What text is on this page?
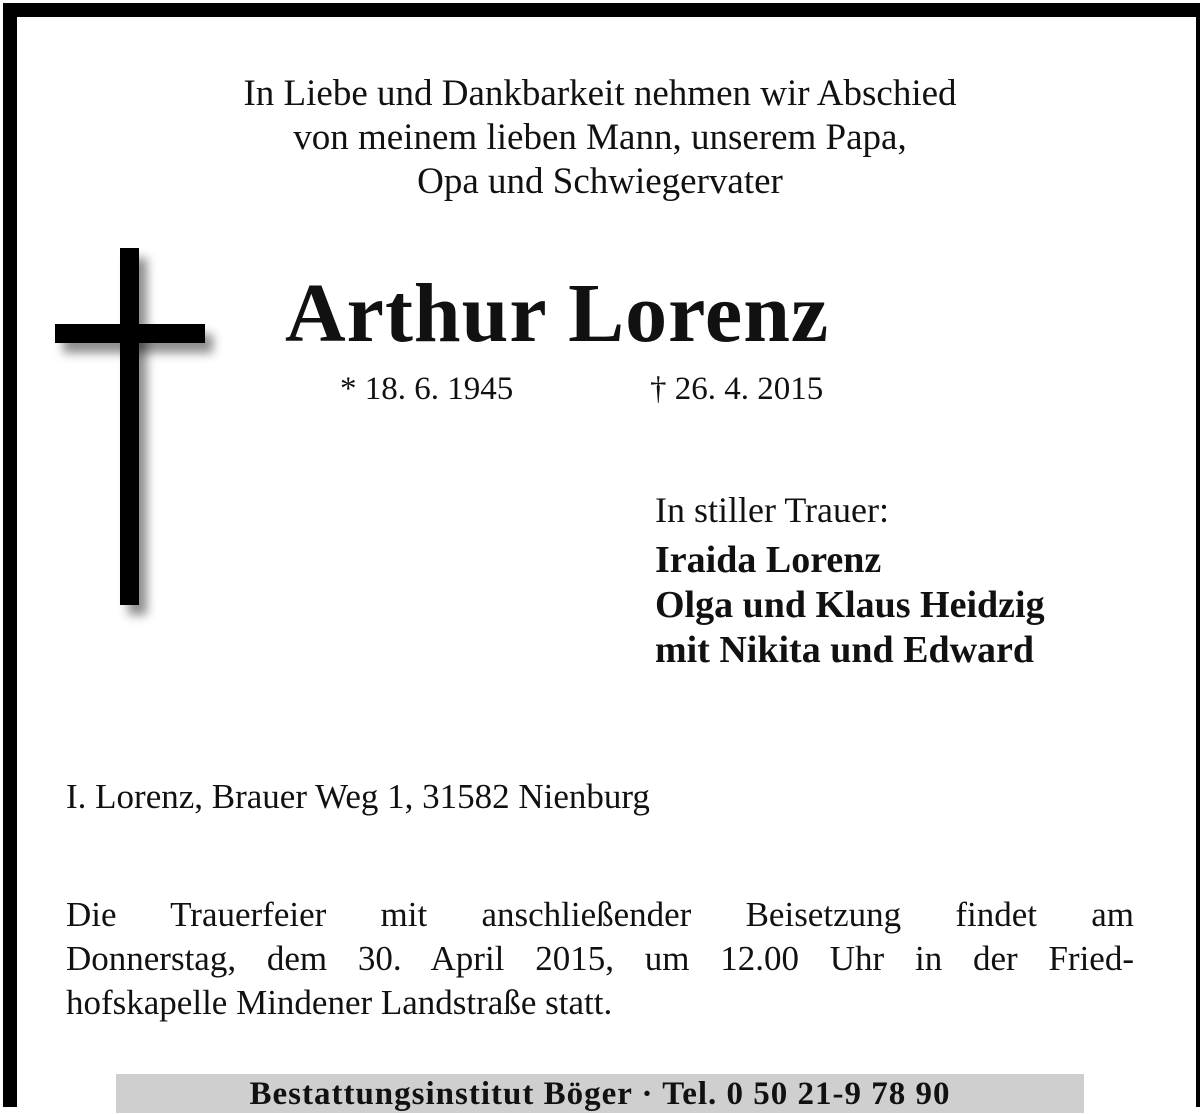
In Liebe und Dankbarkeit nehmen wir Abschied
von meinem lieben Mann, unserem Papa,
Opa und Schwiegervater
Arthur Lorenz
* 18. 6. 1945	† 26. 4. 2015
In stiller Trauer:
Iraida Lorenz
Olga und Klaus Heidzig
mit Nikita und Edward
I. Lorenz, Brauer Weg 1, 31582 Nienburg
Die Trauerfeier mit anschließender Beisetzung findet am
Donnerstag, dem 30. April 2015, um 12.00 Uhr in der Fried-
hofskapelle Mindener Landstraße statt.
Bestattungsinstitut Böger · Tel. 0 50 21-9 78 90
